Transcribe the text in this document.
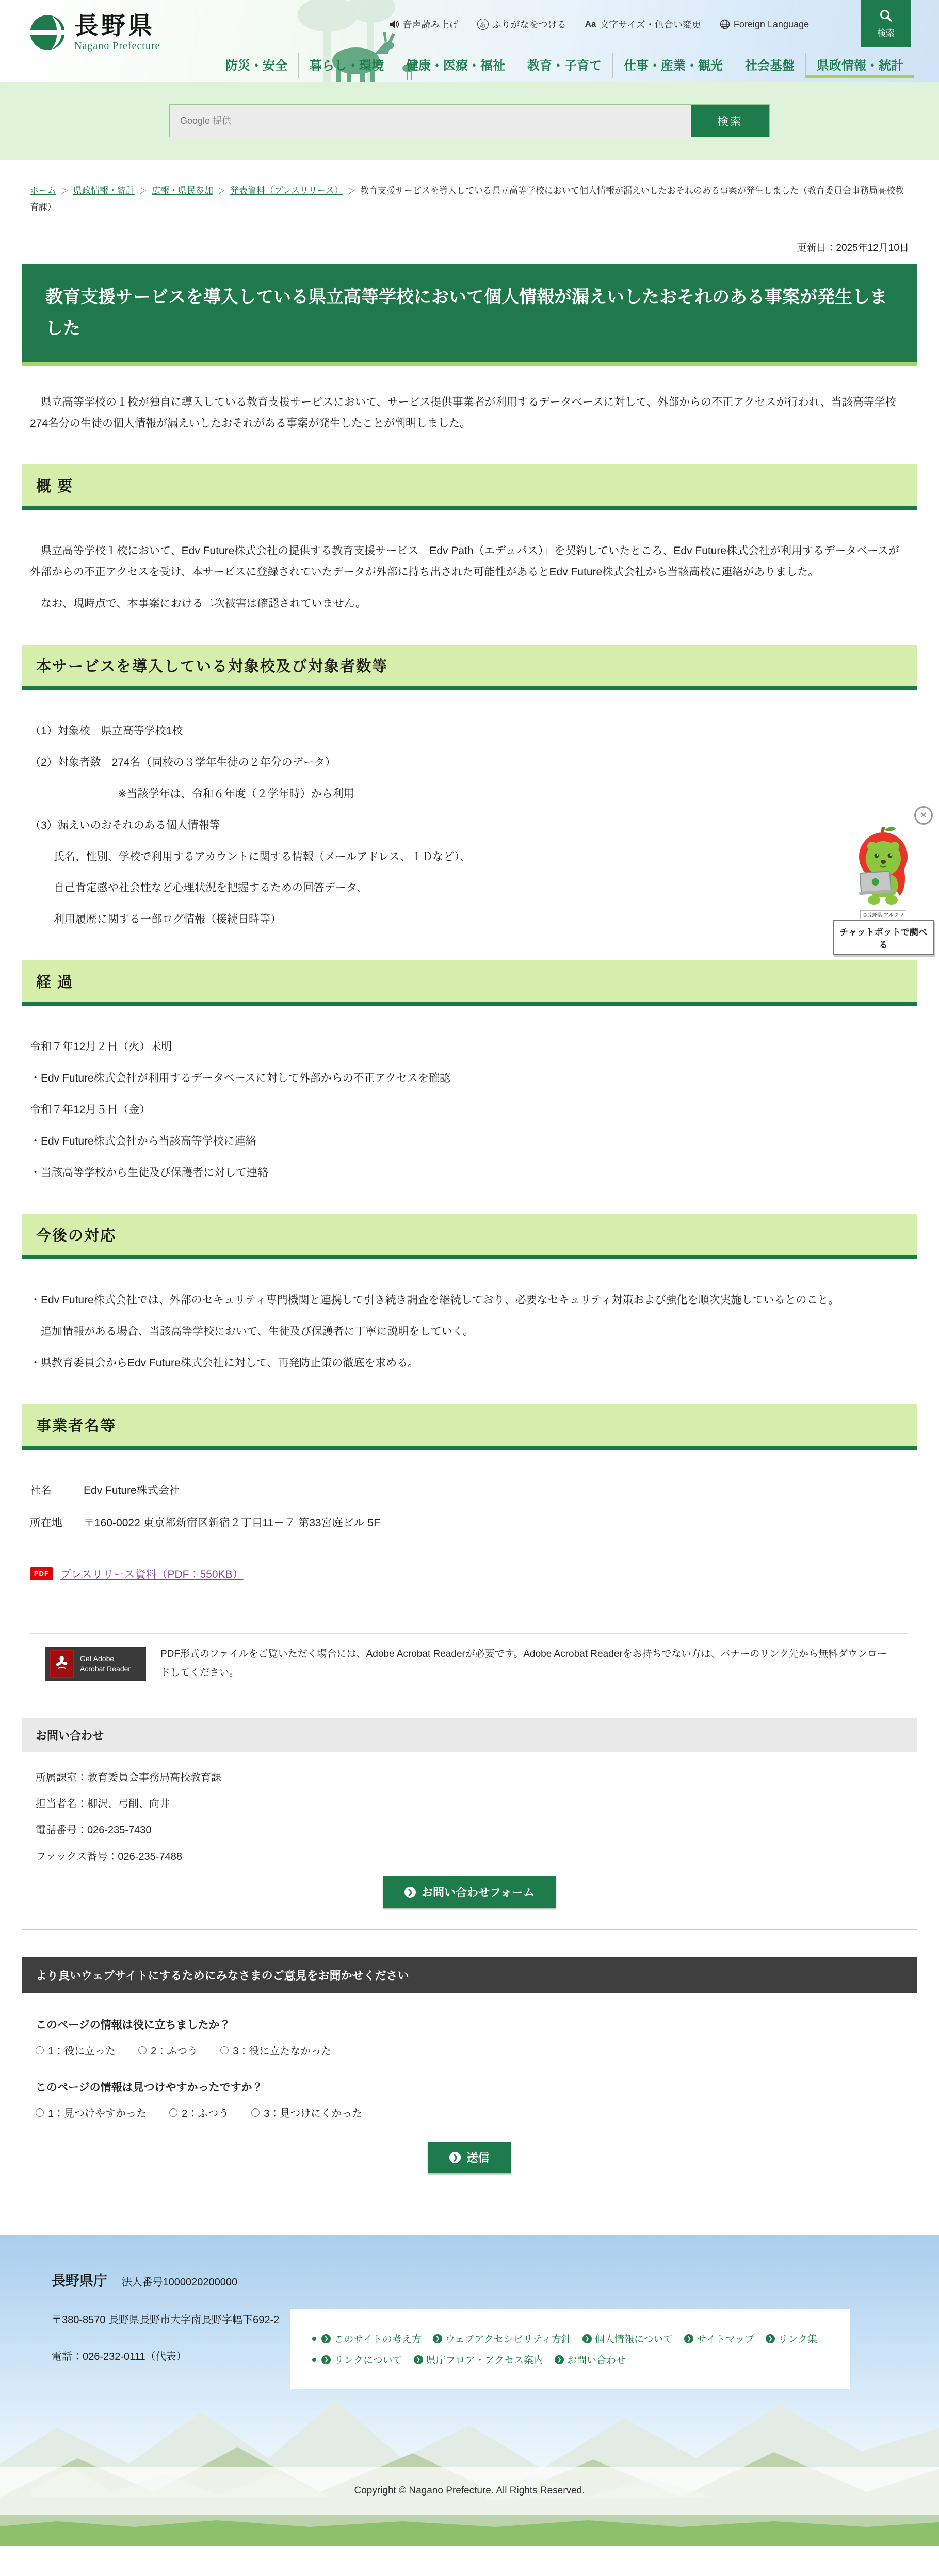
長野県
Nagano Prefecture
音声読み上げ	あ ふりがなをつける Aa 文字サイズ・色合い変更	Foreign Language
検索
防災・安全	暮らし・環境	健康・医療・福祉	教育・子育て	仕事・産業・観光	社会基盤	県政情報・統計
Google 提供
検索
ホーム ＞ 県政情報・統計 ＞ 広報・県民参加 ＞ 発表資料（プレスリリース） ＞ 教育支援サービスを導入している県立高等学校において個人情報が漏えいしたおそれのある事案が発生しました（教育委員会事務局高校教育課）
更新日：2025年12月10日
教育支援サービスを導入している県立高等学校において個人情報が漏えいしたおそれのある事案が発生しました

　県立高等学校の１校が独自に導入している教育支援サービスにおいて、サービス提供事業者が利用するデータベースに対して、外部からの不正アクセスが行われ、当該高等学校274名分の生徒の個人情報が漏えいしたおそれがある事案が発生したことが判明しました。

概 要

　県立高等学校１校において、Edv Future株式会社の提供する教育支援サービス「Edv Path（エデュパス）」を契約していたところ、Edv Future株式会社が利用するデータベースが外部からの不正アクセスを受け、本サービスに登録されていたデータが外部に持ち出された可能性があるとEdv Future株式会社から当該高校に連絡がありました。

　なお、現時点で、本事案における二次被害は確認されていません。

本サービスを導入している対象校及び対象者数等

（1）対象校　県立高等学校1校

（2）対象者数　274名（同校の３学年生徒の２年分のデータ）

※当該学年は、令和６年度（２学年時）から利用

（3）漏えいのおそれのある個人情報等

氏名、性別、学校で利用するアカウントに関する情報（メールアドレス、ＩＤなど）、

自己肯定感や社会性など心理状況を把握するための回答データ、

利用履歴に関する一部ログ情報（接続日時等）

経 過

令和７年12月２日（火）未明

・Edv Future株式会社が利用するデータベースに対して外部からの不正アクセスを確認

令和７年12月５日（金）

・Edv Future株式会社から当該高等学校に連絡

・当該高等学校から生徒及び保護者に対して連絡

今後の対応

・Edv Future株式会社では、外部のセキュリティ専門機関と連携して引き続き調査を継続しており、必要なセキュリティ対策および強化を順次実施しているとのこと。

　追加情報がある場合、当該高等学校において、生徒及び保護者に丁寧に説明をしていく。

・県教育委員会からEdv Future株式会社に対して、再発防止策の徹底を求める。

事業者名等

社名	Edv Future株式会社

所在地 〒160-0022 東京都新宿区新宿２丁目11－７ 第33宮庭ビル 5F

PDF	プレスリリース資料（PDF：550KB）
Get Adobe
Acrobat Reader

PDF形式のファイルをご覧いただく場合には、Adobe Acrobat Readerが必要です。Adobe Acrobat Readerをお持ちでない方は、バナーのリンク先から無料ダウンロードしてください。

お問い合わせ

所属課室：教育委員会事務局高校教育課

担当者名：柳沢、弓削、向井

電話番号：026-235-7430

ファックス番号：026-235-7488

❯ お問い合わせフォーム
より良いウェブサイトにするためにみなさまのご意見をお聞かせください

このページの情報は役に立ちましたか？

1：役に立った	2：ふつう	3：役に立たなかった

このページの情報は見つけやすかったですか？

1：見つけやすかった	2：ふつう	3：見つけにくかった
❯ 送信
×
©長野県 アルクマ
チャットボットで調べる
長野県庁 法人番号1000020200000
〒380-8570 長野県長野市大字南長野字幅下692-2
電話：026-232-0111（代表）
❯ このサイトの考え方	❯ ウェブアクセシビリティ方針	❯ 個人情報について	❯ サイトマップ	❯ リンク集
❯ リンクについて	❯ 県庁フロア・アクセス案内	❯ お問い合わせ
Copyright © Nagano Prefecture. All Rights Reserved.
